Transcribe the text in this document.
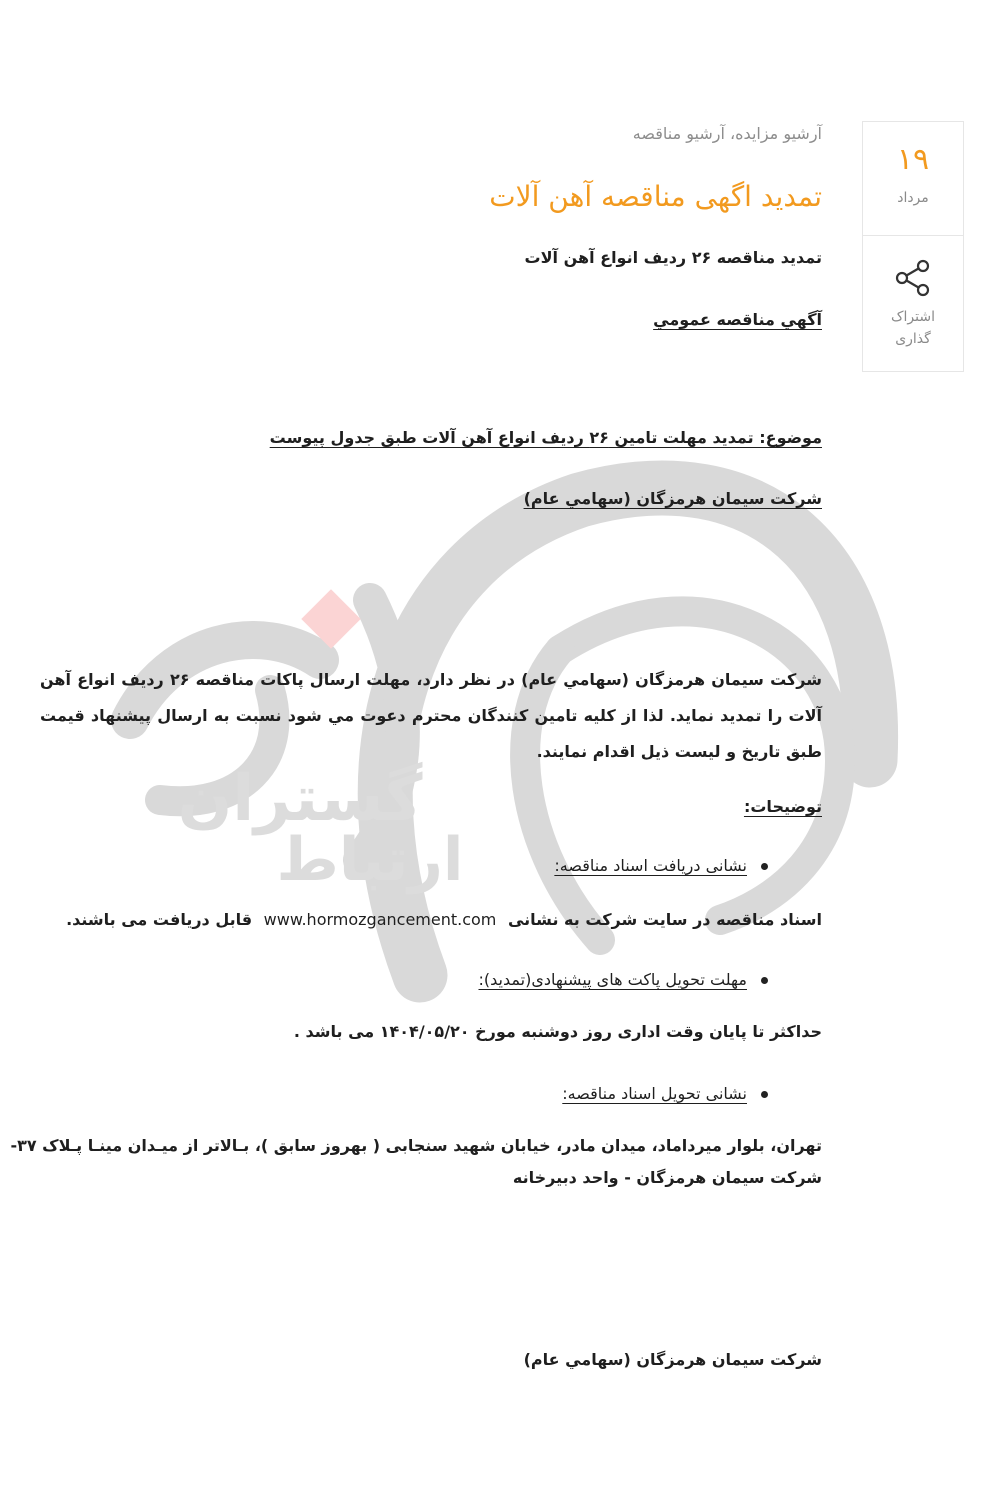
گستران
ارتباط
۱۹
مرداد
اشتراک گذاری
آرشیو مزایده، آرشیو مناقصه
تمدید اگهی مناقصه آهن آلات

تمدید مناقصه ۲۶ ردیف انواع آهن آلات

آگهي مناقصه عمومي

موضوع: تمديد مهلت تامین ۲۶ ردیف انواع آهن آلات طبق جدول پیوست

شركت سيمان هرمزگان (سهامي عام)

شرکت سیمان هرمزگان (سهامي عام) در نظر دارد، مهلت ارسال پاکات مناقصه ۲۶ ردیف انواع آهن آلات را تمدید نماید. لذا از كليه تامین کنندگان محترم دعوت مي شود نسبت به ارسال پیشنهاد قیمت طبق تاریخ و لیست ذیل اقدام نمایند.

توضيحات:

نشانی دریافت اسناد مناقصه:

اسناد مناقصه در سایت شرکت به نشانی www.hormozgancement.com قابل دریافت می باشند.

مهلت تحویل پاکت های پیشنهادی(تمدید):

حداکثر تا پایان وقت اداری روز دوشنبه مورخ ۱۴۰۴/۰۵/۲۰ می باشد .

نشانی تحویل اسناد مناقصه:

تهران، بلوار میرداماد، میدان مادر، خیابان شهید سنجابی ( بهروز سابق )، بـالاتر از میـدان مینـا پـلاک ۳۷-

شرکت سیمان هرمزگان - واحد دبیرخانه

شركت سيمان هرمزگان (سهامي عام)
